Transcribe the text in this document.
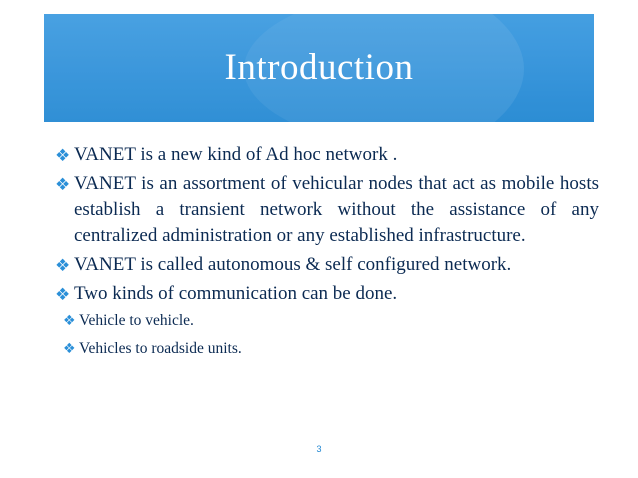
Introduction
❖ VANET is a new kind of Ad hoc network .
❖ VANET is an assortment of vehicular nodes that act as mobile hosts establish a transient network without the assistance of any centralized administration or any established infrastructure.
❖ VANET is called autonomous & self configured network.
❖ Two kinds of communication can be done.
❖ Vehicle to vehicle.
❖ Vehicles to roadside units.
3
